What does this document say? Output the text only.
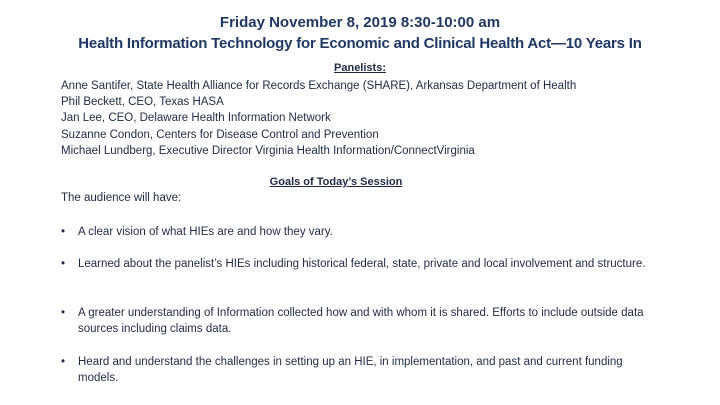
Friday November 8, 2019 8:30-10:00 am
Health Information Technology for Economic and Clinical Health Act—10 Years In
Panelists:
Anne Santifer, State Health Alliance for Records Exchange (SHARE), Arkansas Department of Health
Phil Beckett, CEO, Texas HASA
Jan Lee, CEO, Delaware Health Information Network
Suzanne Condon, Centers for Disease Control and Prevention
Michael Lundberg, Executive Director Virginia Health Information/ConnectVirginia
Goals of Today’s Session
The audience will have:
• A clear vision of what HIEs are and how they vary.
• Learned about the panelist’s HIEs including historical federal, state, private and local involvement and structure.
• A greater understanding of Information collected how and with whom it is shared. Efforts to include outside data sources including claims data.
• Heard and understand the challenges in setting up an HIE, in implementation, and past and current funding models.
